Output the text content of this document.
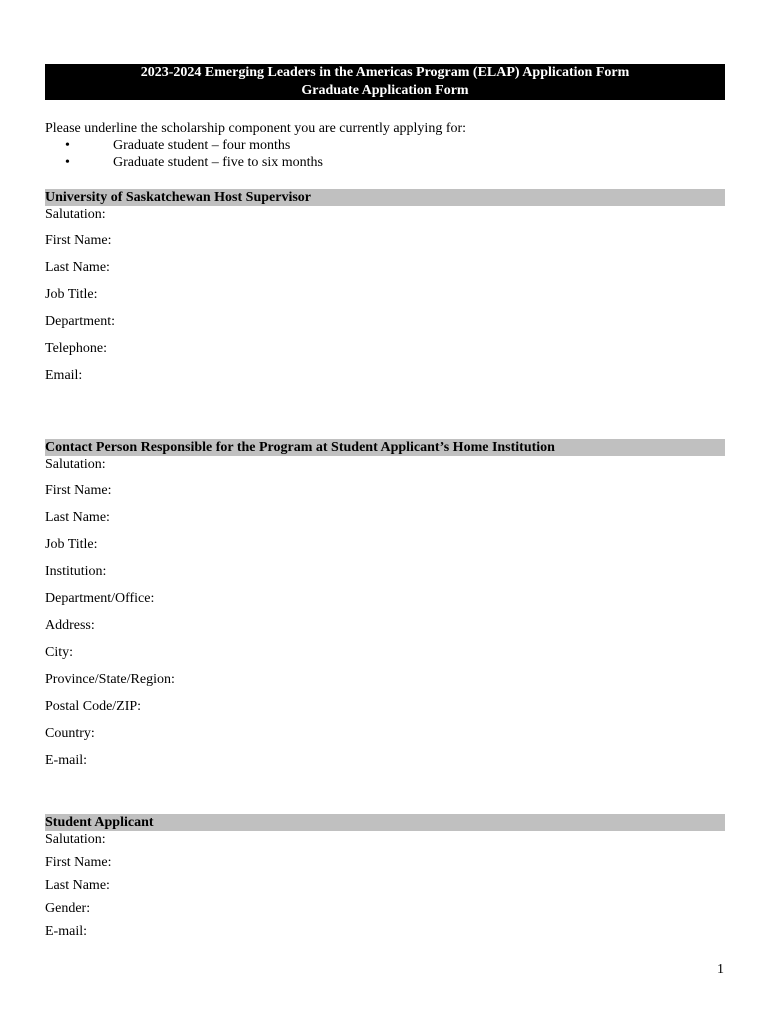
2023-2024 Emerging Leaders in the Americas Program (ELAP) Application Form
Graduate Application Form
Please underline the scholarship component you are currently applying for:
•	Graduate student – four months
•	Graduate student – five to six months
University of Saskatchewan Host Supervisor
Salutation:
First Name:
Last Name:
Job Title:
Department:
Telephone:
Email:
Contact Person Responsible for the Program at Student Applicant’s Home Institution
Salutation:
First Name:
Last Name:
Job Title:
Institution:
Department/Office:
Address:
City:
Province/State/Region:
Postal Code/ZIP:
Country:
E-mail:
Student Applicant
Salutation:
First Name:
Last Name:
Gender:
E-mail:
1
